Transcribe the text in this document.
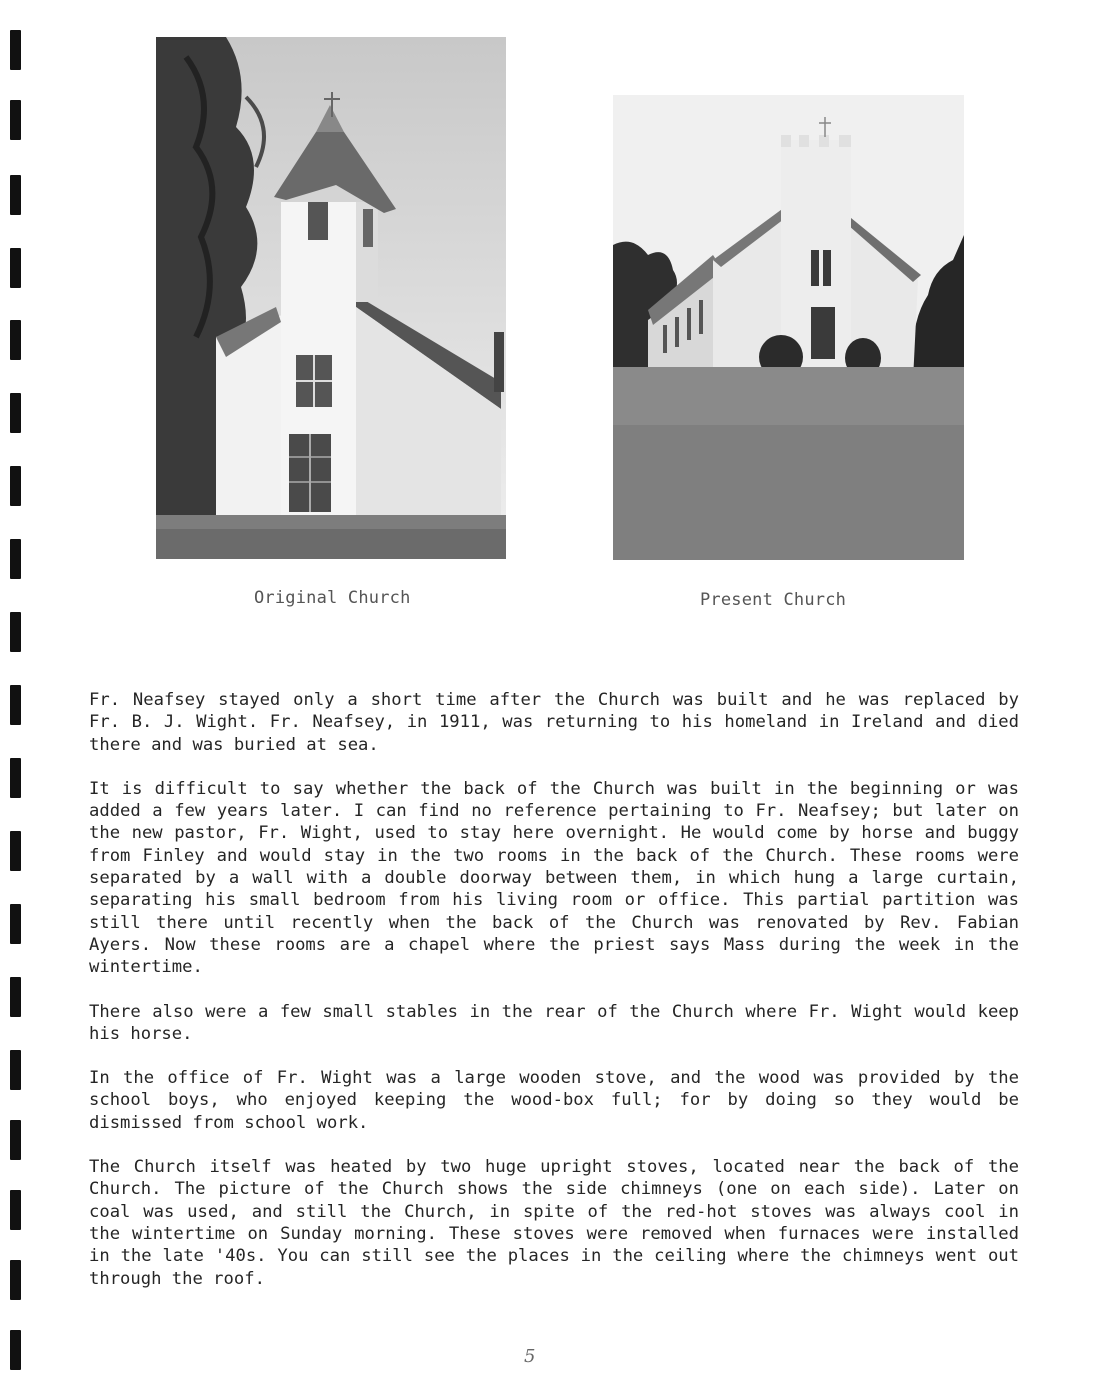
Original Church	Present Church

Fr. Neafsey stayed only a short time after the Church was built and he was replaced by Fr. B. J. Wight. Fr. Neafsey, in 1911, was returning to his homeland in Ireland and died there and was buried at sea.

It is difficult to say whether the back of the Church was built in the beginning or was added a few years later. I can find no reference pertaining to Fr. Neafsey; but later on the new pastor, Fr. Wight, used to stay here overnight. He would come by horse and buggy from Finley and would stay in the two rooms in the back of the Church. These rooms were separated by a wall with a double doorway between them, in which hung a large curtain, separating his small bedroom from his living room or office. This partial partition was still there until recently when the back of the Church was renovated by Rev. Fabian Ayers. Now these rooms are a chapel where the priest says Mass during the week in the wintertime.

There also were a few small stables in the rear of the Church where Fr. Wight would keep his horse.

In the office of Fr. Wight was a large wooden stove, and the wood was provided by the school boys, who enjoyed keeping the wood-box full; for by doing so they would be dismissed from school work.

The Church itself was heated by two huge upright stoves, located near the back of the Church. The picture of the Church shows the side chimneys (one on each side). Later on coal was used, and still the Church, in spite of the red-hot stoves was always cool in the wintertime on Sunday morning. These stoves were removed when furnaces were installed in the late '40s. You can still see the places in the ceiling where the chimneys went out through the roof.

5
